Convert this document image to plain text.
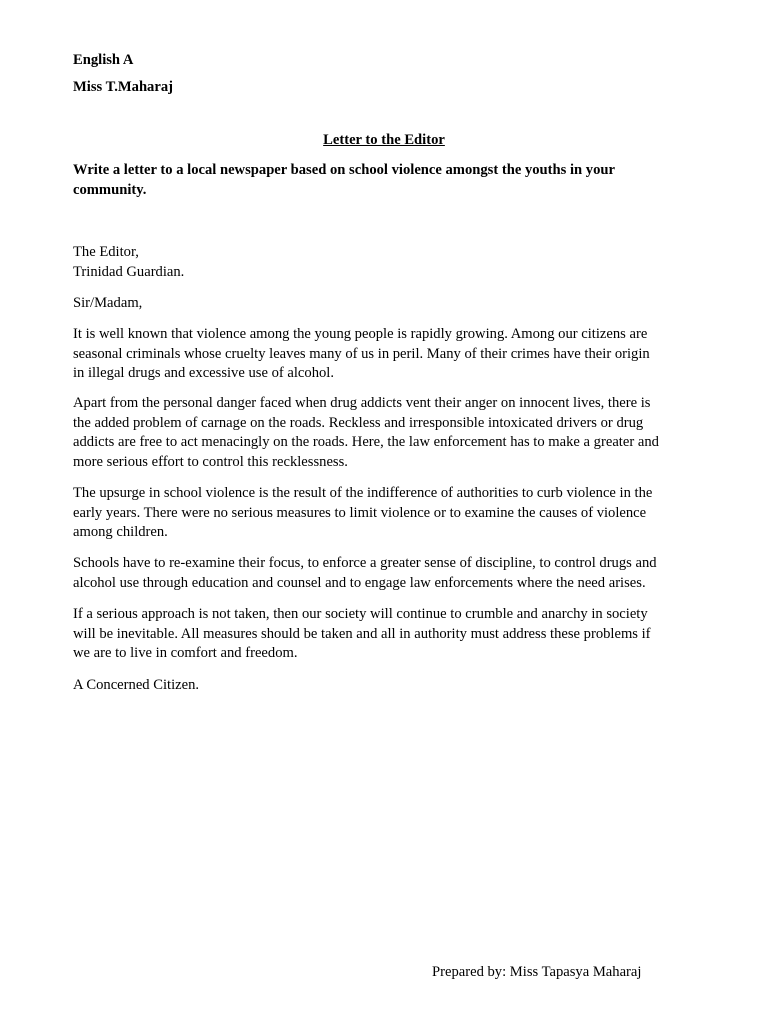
English A

Miss T.Maharaj

Letter to the Editor

Write a letter to a local newspaper based on school violence amongst the youths in your
community.
The Editor,
Trinidad Guardian.

Sir/Madam,

It is well known that violence among the young people is rapidly growing. Among our citizens are
seasonal criminals whose cruelty leaves many of us in peril. Many of their crimes have their origin
in illegal drugs and excessive use of alcohol.
Apart from the personal danger faced when drug addicts vent their anger on innocent lives, there is
the added problem of carnage on the roads. Reckless and irresponsible intoxicated drivers or drug
addicts are free to act menacingly on the roads. Here, the law enforcement has to make a greater and
more serious effort to control this recklessness.
The upsurge in school violence is the result of the indifference of authorities to curb violence in the
early years. There were no serious measures to limit violence or to examine the causes of violence
among children.
Schools have to re-examine their focus, to enforce a greater sense of discipline, to control drugs and
alcohol use through education and counsel and to engage law enforcements where the need arises.
If a serious approach is not taken, then our society will continue to crumble and anarchy in society
will be inevitable. All measures should be taken and all in authority must address these problems if
we are to live in comfort and freedom.

A Concerned Citizen.

Prepared by: Miss Tapasya Maharaj
